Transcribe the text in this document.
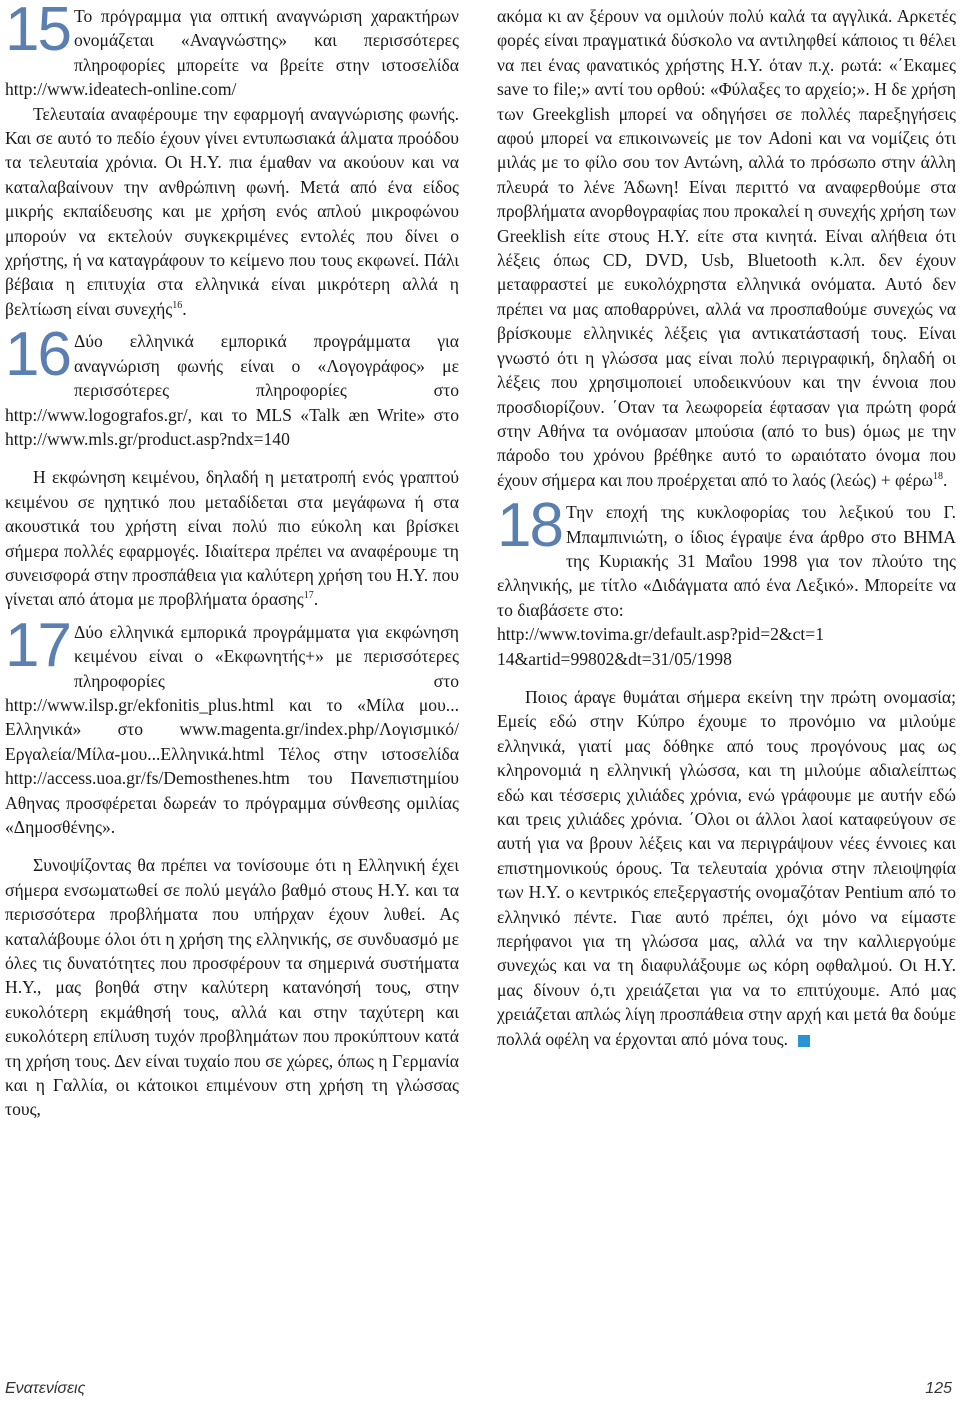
15 Το πρόγραμμα για οπτική αναγνώριση χαρακτήρων ονομάζεται «Αναγνώστης» και περισσότερες πληροφορίες μπορείτε να βρείτε στην ιστοσελίδα http://www.ideatech-online.com/

Τελευταία αναφέρουμε την εφαρμογή αναγνώρισης φωνής. Και σε αυτό το πεδίο έχουν γίνει εντυπωσιακά άλματα προόδου τα τελευταία χρόνια. Οι Η.Υ. πια έμαθαν να ακούουν και να καταλαβαίνουν την ανθρώπινη φωνή. Μετά από ένα είδος μικρής εκπαίδευσης και με χρήση ενός απλού μικροφώνου μπορούν να εκτελούν συγκεκριμένες εντολές που δίνει ο χρήστης, ή να καταγράφουν το κείμενο που τους εκφωνεί. Πάλι βέβαια η επιτυχία στα ελληνικά είναι μικρότερη αλλά η βελτίωση είναι συνεχής$^{16}$.

16 Δύο ελληνικά εμπορικά προγράμματα για αναγνώριση φωνής είναι ο «Λογογράφος» με περισσότερες πληροφορίες στο http://www.logografos.gr/, και το MLS «Talk æn Write» στο http://www.mls.gr/product.asp?ndx=140

Η εκφώνηση κειμένου, δηλαδή η μετατροπή ενός γραπτού κειμένου σε ηχητικό που μεταδίδεται στα μεγάφωνα ή στα ακουστικά του χρήστη είναι πολύ πιο εύκολη και βρίσκει σήμερα πολλές εφαρμογές. Ιδιαίτερα πρέπει να αναφέρουμε τη συνεισφορά στην προσπάθεια για καλύτερη χρήση του Η.Υ. που γίνεται από άτομα με προβλήματα όρασης$^{17}$.

17 Δύο ελληνικά εμπορικά προγράμματα για εκφώνηση κειμένου είναι ο «Εκφωνητής+» με περισσότερες πληροφορίες στο http://www.ilsp.gr/ekfonitis_plus.html και το «Μίλα μου... Ελληνικά» στο www.magenta.gr/index.php/Λογισμικό/Εργαλεία/Μίλα-μου...Ελληνικά.html Τέλος στην ιστοσελίδα http://access.uoa.gr/fs/Demosthenes.htm του Πανεπιστημίου Αθηνας προσφέρεται δωρεάν το πρόγραμμα σύνθεσης ομιλίας «Δημοσθένης».

Συνοψίζοντας θα πρέπει να τονίσουμε ότι η Ελληνική έχει σήμερα ενσωματωθεί σε πολύ μεγάλο βαθμό στους Η.Υ. και τα περισσότερα προβλήματα που υπήρχαν έχουν λυθεί. Ας καταλάβουμε όλοι ότι η χρήση της ελληνικής, σε συνδυασμό με όλες τις δυνατότητες που προσφέρουν τα σημερινά συστήματα Η.Υ., μας βοηθά στην καλύτερη κατανόησή τους, στην ευκολότερη εκμάθησή τους, αλλά και στην ταχύτερη και ευκολότερη επίλυση τυχόν προβλημάτων που προκύπτουν κατά τη χρήση τους. Δεν είναι τυχαίο που σε χώρες, όπως η Γερμανία και η Γαλλία, οι κάτοικοι επιμένουν στη χρήση τη γλώσσας τους,

ακόμα κι αν ξέρουν να ομιλούν πολύ καλά τα αγγλικά. Αρκετές φορές είναι πραγματικά δύσκολο να αντιληφθεί κάποιος τι θέλει να πει ένας φανατικός χρήστης Η.Υ. όταν π.χ. ρωτά: «΄Εκαμες save το file;» αντί του ορθού: «Φύλαξες το αρχείο;». Η δε χρήση των Greekglish μπορεί να οδηγήσει σε πολλές παρεξηγήσεις αφού μπορεί να επικοινωνείς με τον Adoni και να νομίζεις ότι μιλάς με το φίλο σου τον Αντώνη, αλλά το πρόσωπο στην άλλη πλευρά το λένε Άδωνη! Είναι περιττό να αναφερθούμε στα προβλήματα ανορθογραφίας που προκαλεί η συνεχής χρήση των Greeklish είτε στους Η.Υ. είτε στα κινητά. Είναι αλήθεια ότι λέξεις όπως CD, DVD, Usb, Bluetooth κ.λπ. δεν έχουν μεταφραστεί με ευκολόχρηστα ελληνικά ονόματα. Αυτό δεν πρέπει να μας αποθαρρύνει, αλλά να προσπαθούμε συνεχώς να βρίσκουμε ελληνικές λέξεις για αντικατάστασή τους. Είναι γνωστό ότι η γλώσσα μας είναι πολύ περιγραφική, δηλαδή οι λέξεις που χρησιμοποιεί υποδεικνύουν και την έννοια που προσδιορίζουν. ΄Οταν τα λεωφορεία έφτασαν για πρώτη φορά στην Αθήνα τα ονόμασαν μπούσια (από το bus) όμως με την πάροδο του χρόνου βρέθηκε αυτό το ωραιότατο όνομα που έχουν σήμερα και που προέρχεται από το λαός (λεώς) + φέρω$^{18}$.

18 Την εποχή της κυκλοφορίας του λεξικού του Γ. Μπαμπινιώτη, ο ίδιος έγραψε ένα άρθρο στο ΒΗΜΑ της Κυριακής 31 Μαΐου 1998 για τον πλούτο της ελληνικής, με τίτλο «Διδάγματα από ένα Λεξικό». Μπορείτε να το διαβάσετε στο:
http://www.tovima.gr/default.asp?pid=2&ct=1 14&artid=99802&dt=31/05/1998

Ποιος άραγε θυμάται σήμερα εκείνη την πρώτη ονομασία; Εμείς εδώ στην Κύπρο έχουμε το προνόμιο να μιλούμε ελληνικά, γιατί μας δόθηκε από τους προγόνους μας ως κληρονομιά η ελληνική γλώσσα, και τη μιλούμε αδιαλείπτως εδώ και τέσσερις χιλιάδες χρόνια, ενώ γράφουμε με αυτήν εδώ και τρεις χιλιάδες χρόνια. ΄Ολοι οι άλλοι λαοί καταφεύγουν σε αυτή για να βρουν λέξεις και να περιγράψουν νέες έννοιες και επιστημονικούς όρους. Τα τελευταία χρόνια στην πλειοψηφία των Η.Υ. ο κεντρικός επεξεργαστής ονομαζόταν Pentium από το ελληνικό πέντε. Γιαε αυτό πρέπει, όχι μόνο να είμαστε περήφανοι για τη γλώσσα μας, αλλά να την καλλιεργούμε συνεχώς και να τη διαφυλάξουμε ως κόρη οφθαλμού. Οι Η.Υ. μας δίνουν ό,τι χρειάζεται για να το επιτύχουμε. Από μας χρειάζεται απλώς λίγη προσπάθεια στην αρχή και μετά θα δούμε πολλά οφέλη να έρχονται από μόνα τους.

Ενατενίσεις	125
